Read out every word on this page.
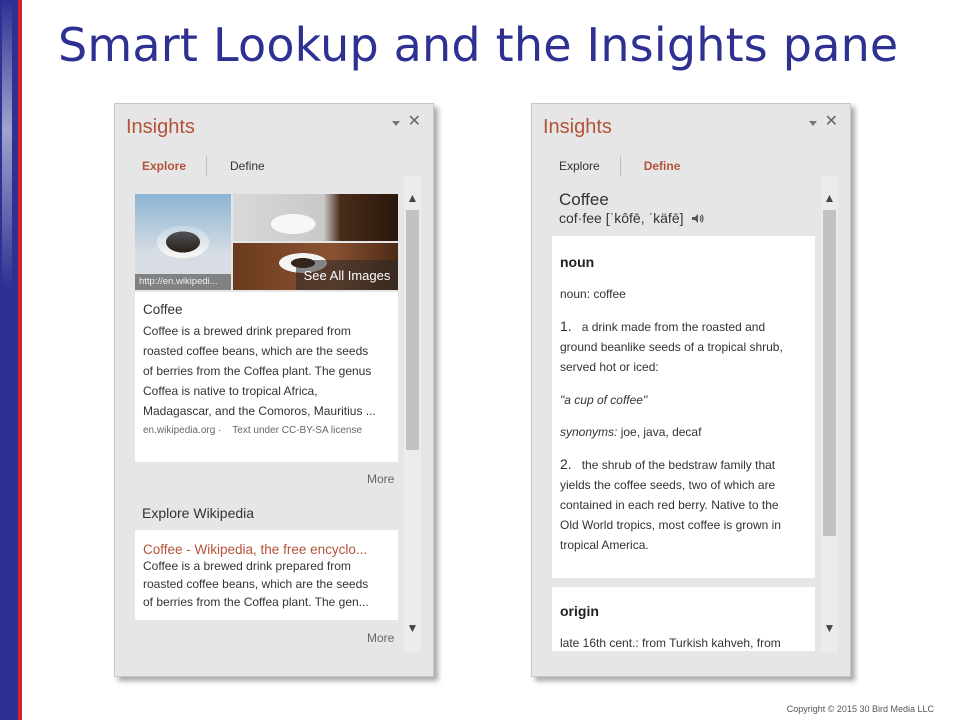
Smart Lookup and the Insights pane
Insights	✕
Explore	Define
http://en.wikipedi...	See All Images
Coffee
Coffee is a brewed drink prepared from
roasted coffee beans, which are the seeds
of berries from the Coffea plant. The genus
Coffea is native to tropical Africa,
Madagascar, and the Comoros, Mauritius ...
en.wikipedia.org ·    Text under CC-BY-SA license
More
Explore Wikipedia
Coffee - Wikipedia, the free encyclo...
Coffee is a brewed drink prepared from
roasted coffee beans, which are the seeds
of berries from the Coffea plant. The gen...
More
▲
▼
Insights	✕
Explore	Define
Coffee
cof·fee [ˈkôfē, ˈkäfē]
noun
noun: coffee
1. a drink made from the roasted and
ground beanlike seeds of a tropical shrub,
served hot or iced:
"a cup of coffee"
synonyms: joe, java, decaf
2. the shrub of the bedstraw family that
yields the coffee seeds, two of which are
contained in each red berry. Native to the
Old World tropics, most coffee is grown in
tropical America.
origin
late 16th cent.: from Turkish kahveh, from
▲
▼
Copyright © 2015 30 Bird Media LLC
